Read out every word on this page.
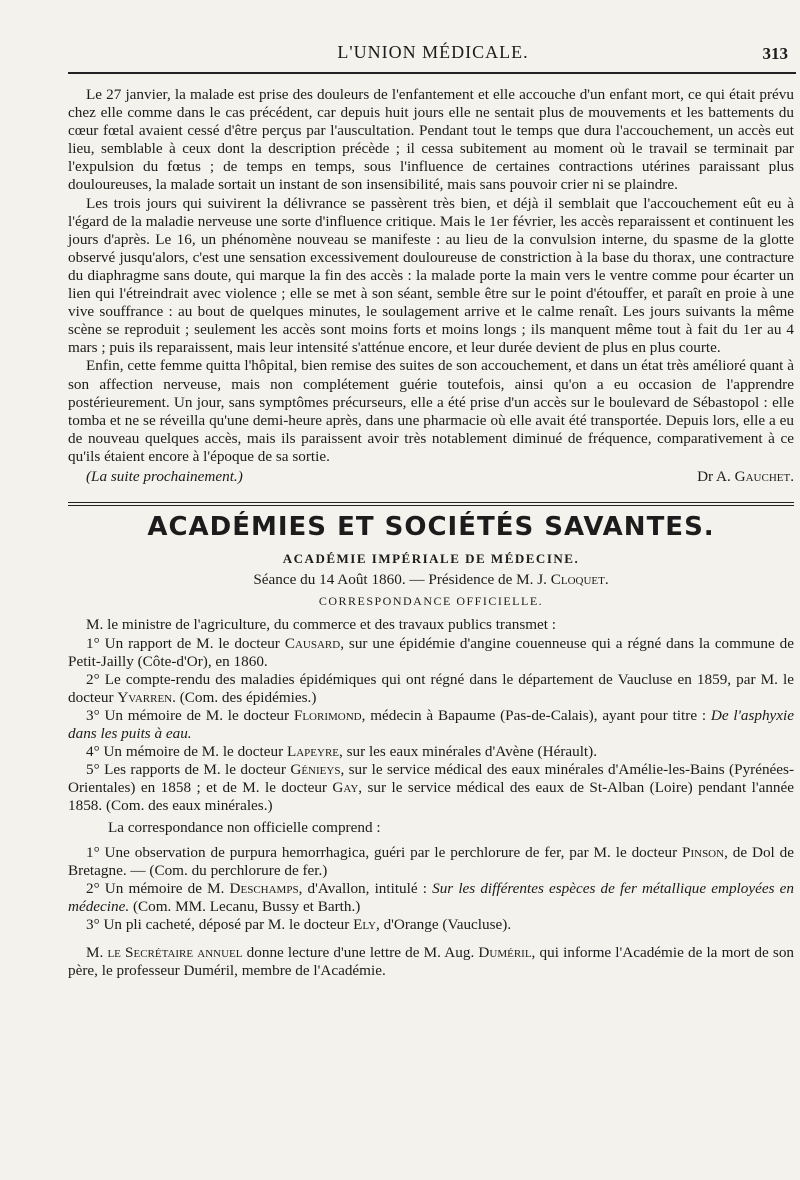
L'UNION MÉDICALE.	313

Le 27 janvier, la malade est prise des douleurs de l'enfantement et elle accouche d'un enfant mort, ce qui était prévu chez elle comme dans le cas précédent, car depuis huit jours elle ne sentait plus de mouvements et les battements du cœur fœtal avaient cessé d'être perçus par l'auscultation. Pendant tout le temps que dura l'accouchement, un accès eut lieu, semblable à ceux dont la description précède ; il cessa subitement au moment où le travail se terminait par l'expulsion du fœtus ; de temps en temps, sous l'influence de certaines contractions utérines paraissant plus douloureuses, la malade sortait un instant de son insensibilité, mais sans pouvoir crier ni se plaindre.

Les trois jours qui suivirent la délivrance se passèrent très bien, et déjà il semblait que l'accouchement eût eu à l'égard de la maladie nerveuse une sorte d'influence critique. Mais le 1er février, les accès reparaissent et continuent les jours d'après. Le 16, un phénomène nouveau se manifeste : au lieu de la convulsion interne, du spasme de la glotte observé jusqu'alors, c'est une sensation excessivement douloureuse de constriction à la base du thorax, une contracture du diaphragme sans doute, qui marque la fin des accès : la malade porte la main vers le ventre comme pour écarter un lien qui l'étreindrait avec violence ; elle se met à son séant, semble être sur le point d'étouffer, et paraît en proie à une vive souffrance : au bout de quelques minutes, le soulagement arrive et le calme renaît. Les jours suivants la même scène se reproduit ; seulement les accès sont moins forts et moins longs ; ils manquent même tout à fait du 1er au 4 mars ; puis ils reparaissent, mais leur intensité s'atténue encore, et leur durée devient de plus en plus courte.

Enfin, cette femme quitta l'hôpital, bien remise des suites de son accouchement, et dans un état très amélioré quant à son affection nerveuse, mais non complétement guérie toutefois, ainsi qu'on a eu occasion de l'apprendre postérieurement. Un jour, sans symptômes précurseurs, elle a été prise d'un accès sur le boulevard de Sébastopol : elle tomba et ne se réveilla qu'une demi-heure après, dans une pharmacie où elle avait été transportée. Depuis lors, elle a eu de nouveau quelques accès, mais ils paraissent avoir très notablement diminué de fréquence, comparativement à ce qu'ils étaient encore à l'époque de sa sortie.

(La suite prochainement.)	Dr A. Gauchet.
ACADÉMIES ET SOCIÉTÉS SAVANTES.
ACADÉMIE IMPÉRIALE DE MÉDECINE.
Séance du 14 Août 1860. — Présidence de M. J. Cloquet.
CORRESPONDANCE OFFICIELLE.

M. le ministre de l'agriculture, du commerce et des travaux publics transmet :

1° Un rapport de M. le docteur Causard, sur une épidémie d'angine couenneuse qui a régné dans la commune de Petit-Jailly (Côte-d'Or), en 1860.

2° Le compte-rendu des maladies épidémiques qui ont régné dans le département de Vaucluse en 1859, par M. le docteur Yvarren. (Com. des épidémies.)

3° Un mémoire de M. le docteur Florimond, médecin à Bapaume (Pas-de-Calais), ayant pour titre : De l'asphyxie dans les puits à eau.

4° Un mémoire de M. le docteur Lapeyre, sur les eaux minérales d'Avène (Hérault).

5° Les rapports de M. le docteur Génieys, sur le service médical des eaux minérales d'Amélie-les-Bains (Pyrénées-Orientales) en 1858 ; et de M. le docteur Gay, sur le service médical des eaux de St-Alban (Loire) pendant l'année 1858. (Com. des eaux minérales.)

La correspondance non officielle comprend :

1° Une observation de purpura hemorrhagica, guéri par le perchlorure de fer, par M. le docteur Pinson, de Dol de Bretagne. — (Com. du perchlorure de fer.)

2° Un mémoire de M. Deschamps, d'Avallon, intitulé : Sur les différentes espèces de fer métallique employées en médecine. (Com. MM. Lecanu, Bussy et Barth.)

3° Un pli cacheté, déposé par M. le docteur Ely, d'Orange (Vaucluse).

M. le Secrétaire annuel donne lecture d'une lettre de M. Aug. Duméril, qui informe l'Académie de la mort de son père, le professeur Duméril, membre de l'Académie.
